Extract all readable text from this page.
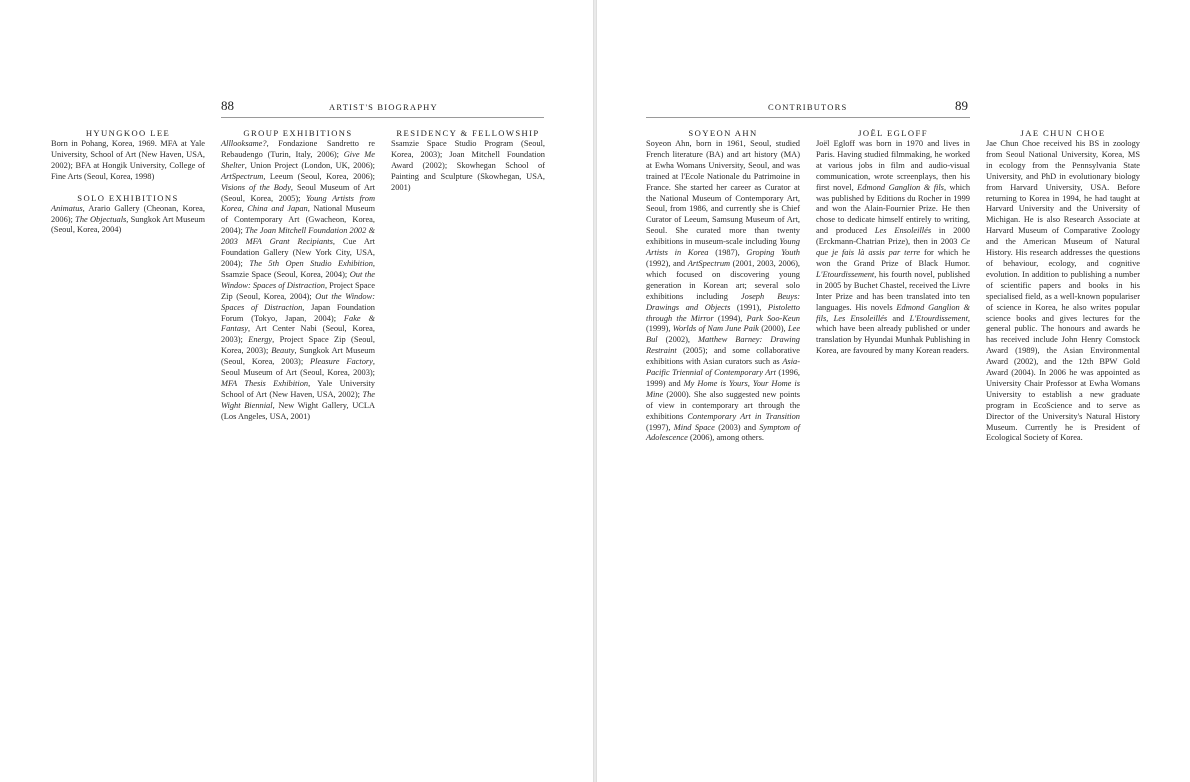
88	ARTIST'S BIOGRAPHY
HYUNGKOO LEE

Born in Pohang, Korea, 1969. MFA at Yale University, School of Art (New Haven, USA, 2002); BFA at Hongik University, College of Fine Arts (Seoul, Korea, 1998)

SOLO EXHIBITIONS

Animatus, Arario Gallery (Cheonan, Korea, 2006); The Objectuals, Sungkok Art Museum (Seoul, Korea, 2004)

GROUP EXHIBITIONS

Alllooksame?, Fondazione Sandretto re Rebaudengo (Turin, Italy, 2006); Give Me Shelter, Union Project (London, UK, 2006); ArtSpectrum, Leeum (Seoul, Korea, 2006); Visions of the Body, Seoul Museum of Art (Seoul, Korea, 2005); Young Artists from Korea, China and Japan, National Museum of Contemporary Art (Gwacheon, Korea, 2004); The Joan Mitchell Foundation 2002 & 2003 MFA Grant Recipiants, Cue Art Foundation Gallery (New York City, USA, 2004); The 5th Open Studio Exhibition, Ssamzie Space (Seoul, Korea, 2004); Out the Window: Spaces of Distraction, Project Space Zip (Seoul, Korea, 2004); Out the Window: Spaces of Distraction, Japan Foundation Forum (Tokyo, Japan, 2004); Fake & Fantasy, Art Center Nabi (Seoul, Korea, 2003); Energy, Project Space Zip (Seoul, Korea, 2003); Beauty, Sungkok Art Museum (Seoul, Korea, 2003); Pleasure Factory, Seoul Museum of Art (Seoul, Korea, 2003); MFA Thesis Exhibition, Yale University School of Art (New Haven, USA, 2002); The Wight Biennial, New Wight Gallery, UCLA (Los Angeles, USA, 2001)

RESIDENCY & FELLOWSHIP

Ssamzie Space Studio Program (Seoul, Korea, 2003); Joan Mitchell Foundation Award (2002); Skowhegan School of Painting and Sculpture (Skowhegan, USA, 2001)

CONTRIBUTORS	89
SOYEON AHN

Soyeon Ahn, born in 1961, Seoul, studied French literature (BA) and art history (MA) at Ewha Womans University, Seoul, and was trained at l'Ecole Nationale du Patrimoine in France. She started her career as Curator at the National Museum of Contemporary Art, Seoul, from 1986, and currently she is Chief Curator of Leeum, Samsung Museum of Art, Seoul. She curated more than twenty exhibitions in museum-scale including Young Artists in Korea (1987), Groping Youth (1992), and ArtSpectrum (2001, 2003, 2006), which focused on discovering young generation in Korean art; several solo exhibitions including Joseph Beuys: Drawings and Objects (1991), Pistoletto through the Mirror (1994), Park Soo-Keun (1999), Worlds of Nam June Paik (2000), Lee Bul (2002), Matthew Barney: Drawing Restraint (2005); and some collaborative exhibitions with Asian curators such as Asia-Pacific Triennial of Contemporary Art (1996, 1999) and My Home is Yours, Your Home is Mine (2000). She also suggested new points of view in contemporary art through the exhibitions Contemporary Art in Transition (1997), Mind Space (2003) and Symptom of Adolescence (2006), among others.

JOËL EGLOFF

Joël Egloff was born in 1970 and lives in Paris. Having studied filmmaking, he worked at various jobs in film and audio-visual communication, wrote screenplays, then his first novel, Edmond Ganglion & fils, which was published by Editions du Rocher in 1999 and won the Alain-Fournier Prize. He then chose to dedicate himself entirely to writing, and produced Les Ensoleillés in 2000 (Erckmann-Chatrian Prize), then in 2003 Ce que je fais là assis par terre for which he won the Grand Prize of Black Humor. L'Etourdissement, his fourth novel, published in 2005 by Buchet Chastel, received the Livre Inter Prize and has been translated into ten languages. His novels Edmond Ganglion & fils, Les Ensoleillés and L'Etourdissement, which have been already published or under translation by Hyundai Munhak Publishing in Korea, are favoured by many Korean readers.

JAE CHUN CHOE

Jae Chun Choe received his BS in zoology from Seoul National University, Korea, MS in ecology from the Pennsylvania State University, and PhD in evolutionary biology from Harvard University, USA. Before returning to Korea in 1994, he had taught at Harvard University and the University of Michigan. He is also Research Associate at Harvard Museum of Comparative Zoology and the American Museum of Natural History. His research addresses the questions of behaviour, ecology, and cognitive evolution. In addition to publishing a number of scientific papers and books in his specialised field, as a well-known populariser of science in Korea, he also writes popular science books and gives lectures for the general public. The honours and awards he has received include John Henry Comstock Award (1989), the Asian Environmental Award (2002), and the 12th BPW Gold Award (2004). In 2006 he was appointed as University Chair Professor at Ewha Womans University to establish a new graduate program in EcoScience and to serve as Director of the University's Natural History Museum. Currently he is President of Ecological Society of Korea.
